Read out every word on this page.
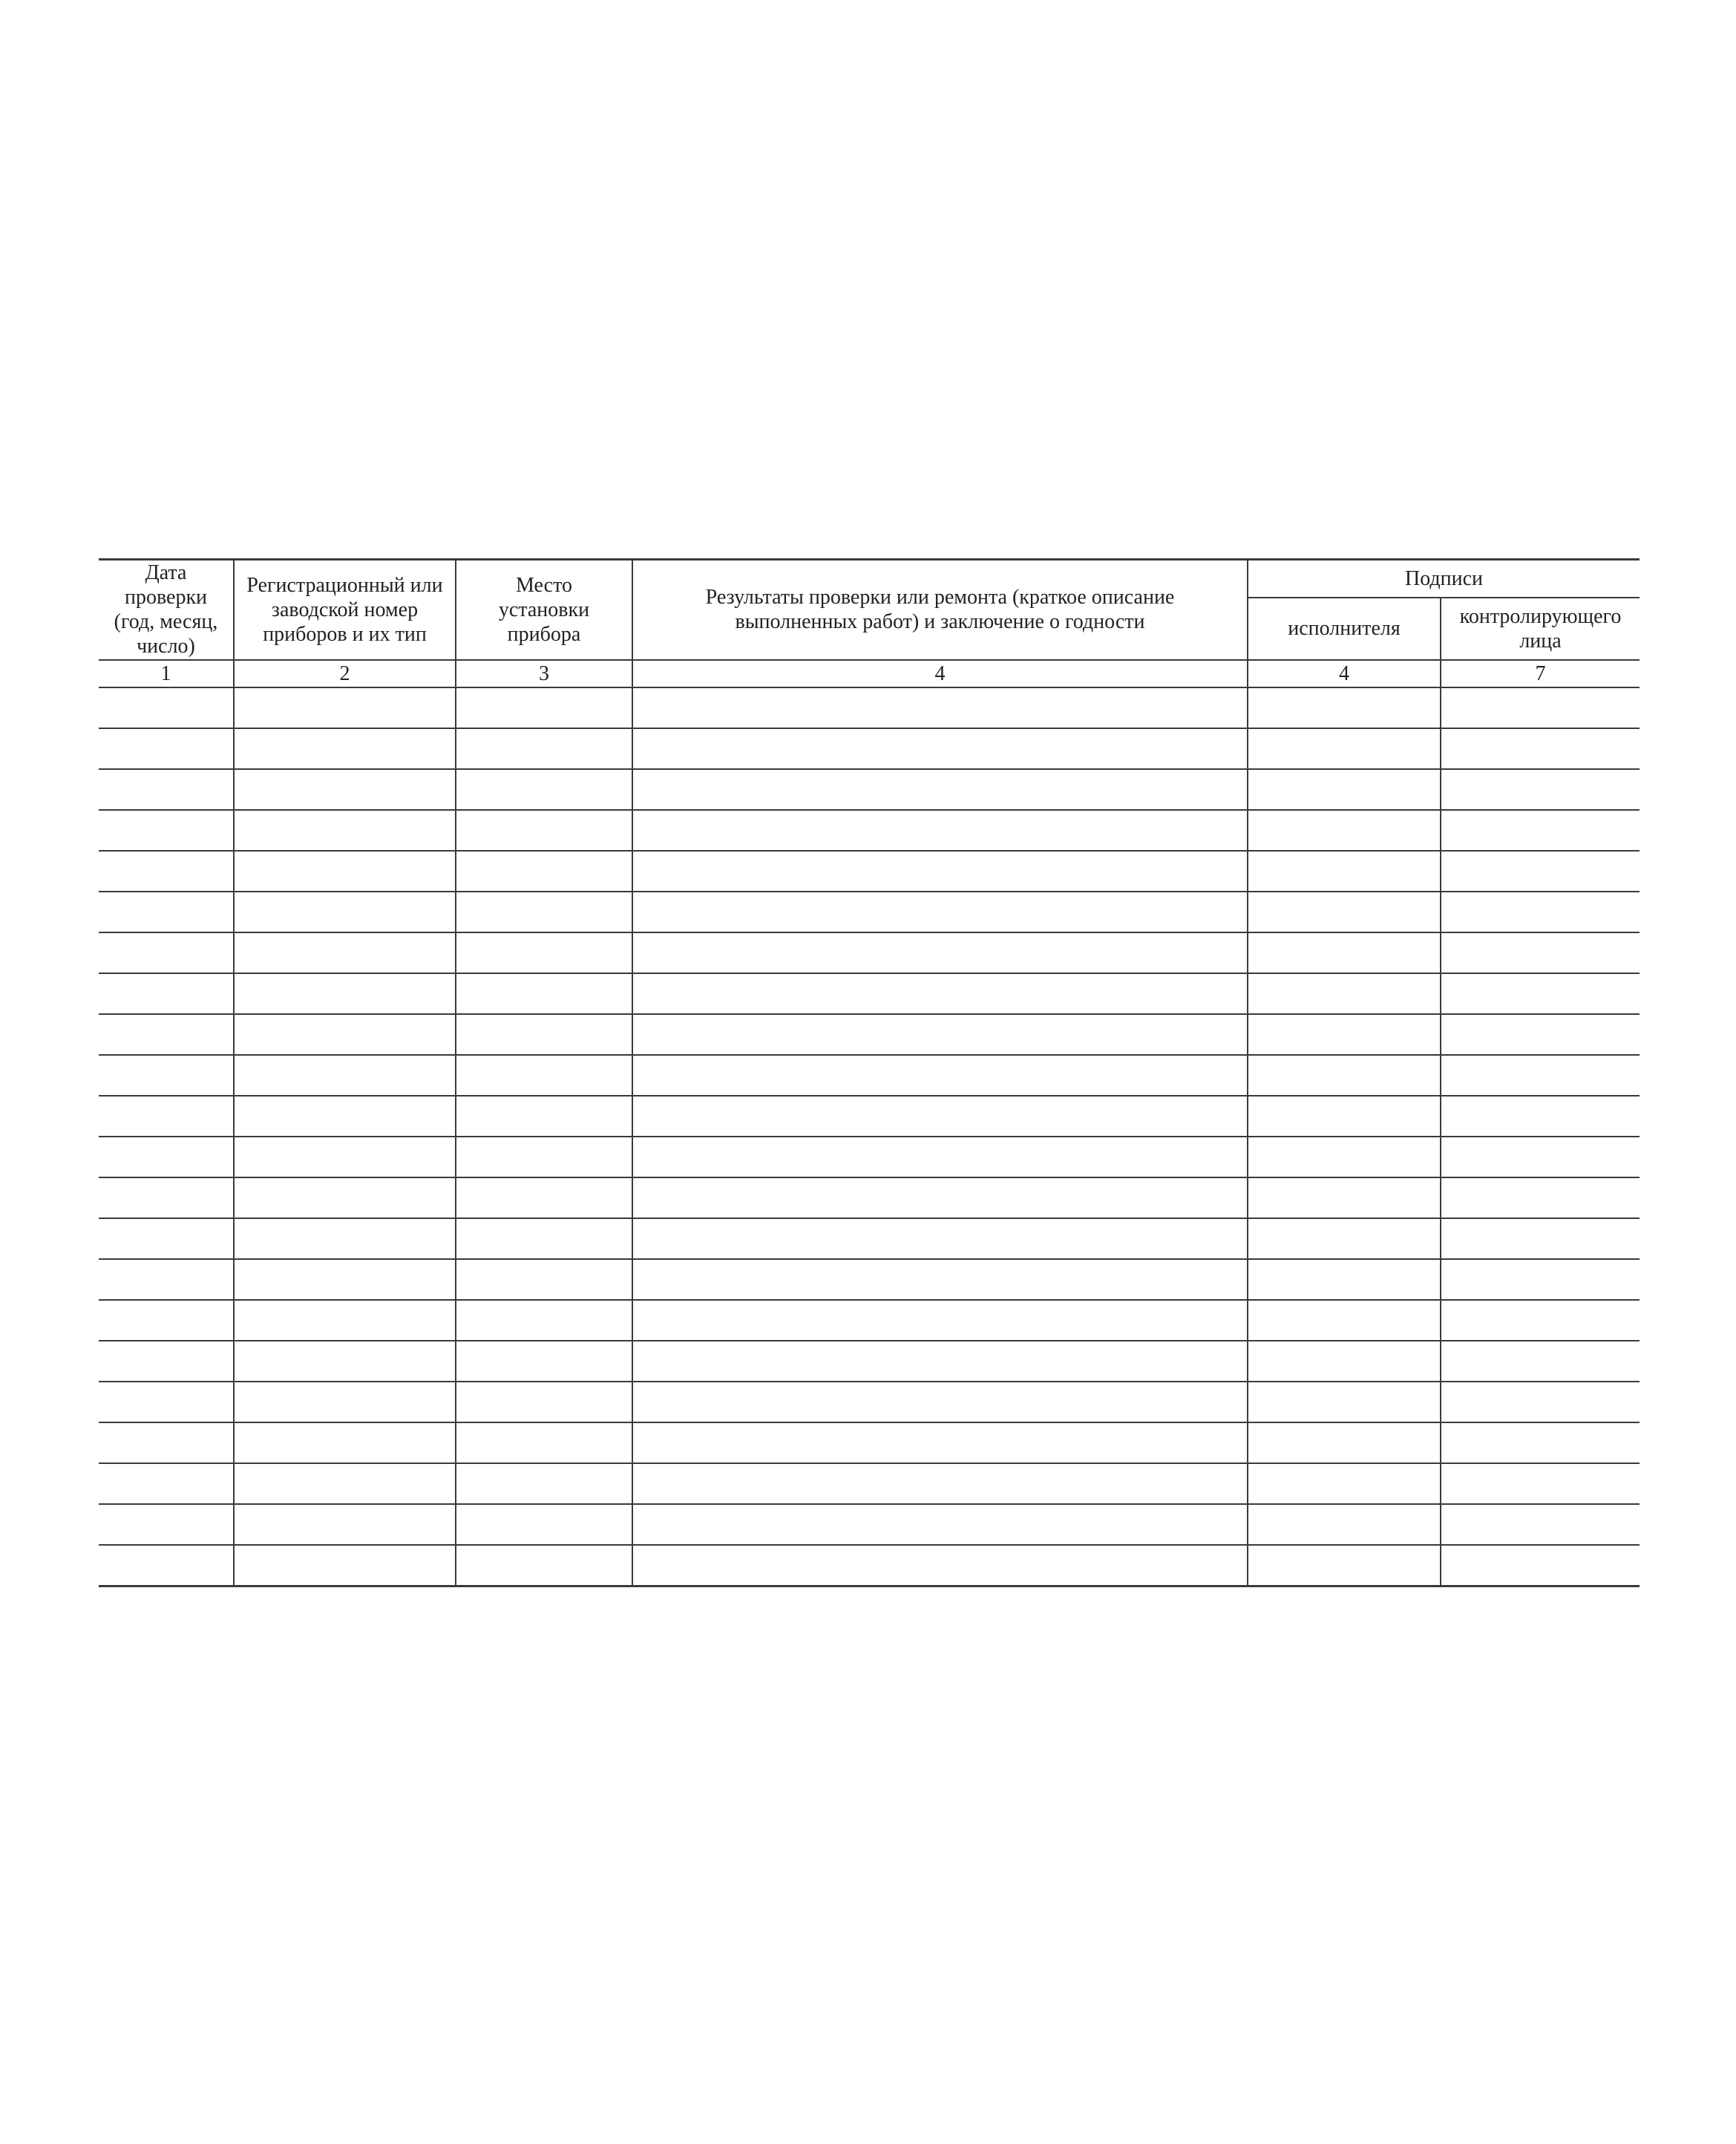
Дата проверки (год, месяц, число)	Регистрационный или заводской номер приборов и их тип	Место установки прибора	Результаты проверки или ремонта (краткое описание выполненных работ) и заключение о годности	Подписи	
				исполнителя	контролирующего лица
1	2	3	4	4	7
